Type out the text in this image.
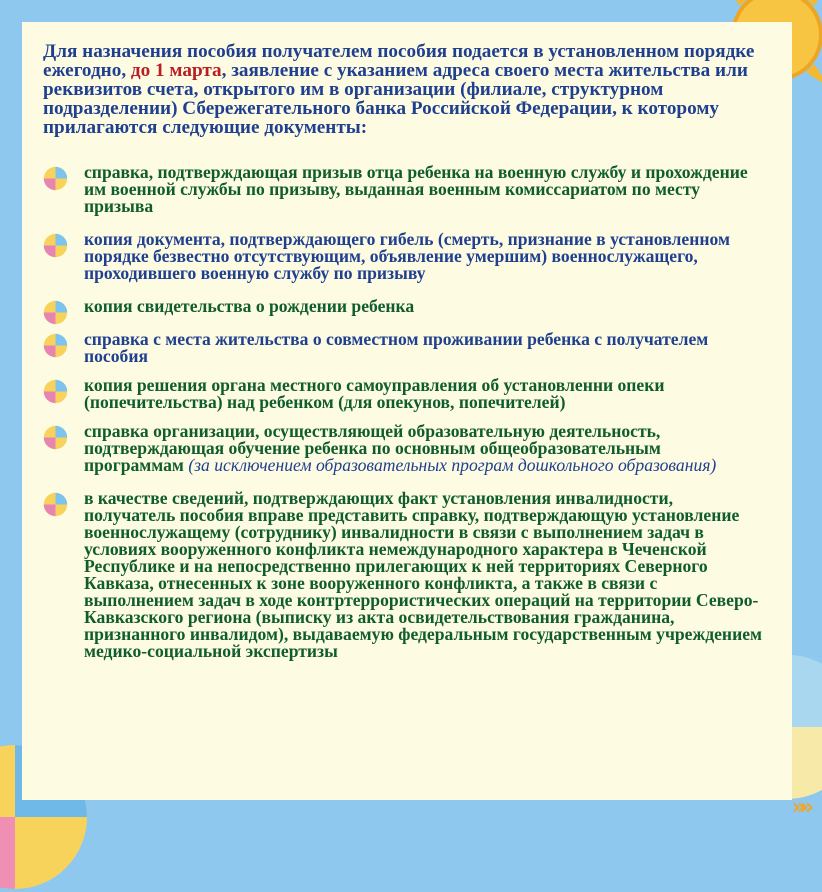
»»

Для назначения пособия получателем пособия подается в установленном порядке ежегодно, до 1 марта, заявление с указанием адреса своего места жительства или реквизитов счета, открытого им в организации (филиале, структурном подразделении) Сбережегательного банка Российской Федерации, к которому прилагаются следующие документы:

справка, подтверждающая призыв отца ребенка на военную службу и прохождение им военной службы по призыву, выданная военным комиссариатом по месту призыва
копия документа, подтверждающего гибель (смерть, признание в установленном порядке безвестно отсутствующим, объявление умершим) военнослужащего, проходившего военную службу по призыву
копия свидетельства о рождении ребенка
справка с места жительства о совместном проживании ребенка с получателем пособия
копия решения органа местного самоуправления об установленни опеки (попечительства) над ребенком (для опекунов, попечителей)
справка организации, осуществляющей образовательную деятельность, подтверждающая обучение ребенка по основным общеобразовательным программам (за исключением образовательных програм дошкольного образования)
в качестве сведений, подтверждающих факт установления инвалидности, получатель пособия вправе представить справку, подтверждающую установление военнослужащему (сотруднику) инвалидности в связи с выполнением задач в условиях вооруженного конфликта немеждународного характера в Чеченской Республике и на непосредственно прилегающих к ней территориях Северного Кавказа, отнесенных к зоне вооруженного конфликта, а также в связи с выполнением задач в ходе контртеррористических операций на территории Северо-Кавказского региона (выписку из акта освидетельствования гражданина, признанного инвалидом), выдаваемую федеральным государственным учреждением медико-социальной экспертизы
